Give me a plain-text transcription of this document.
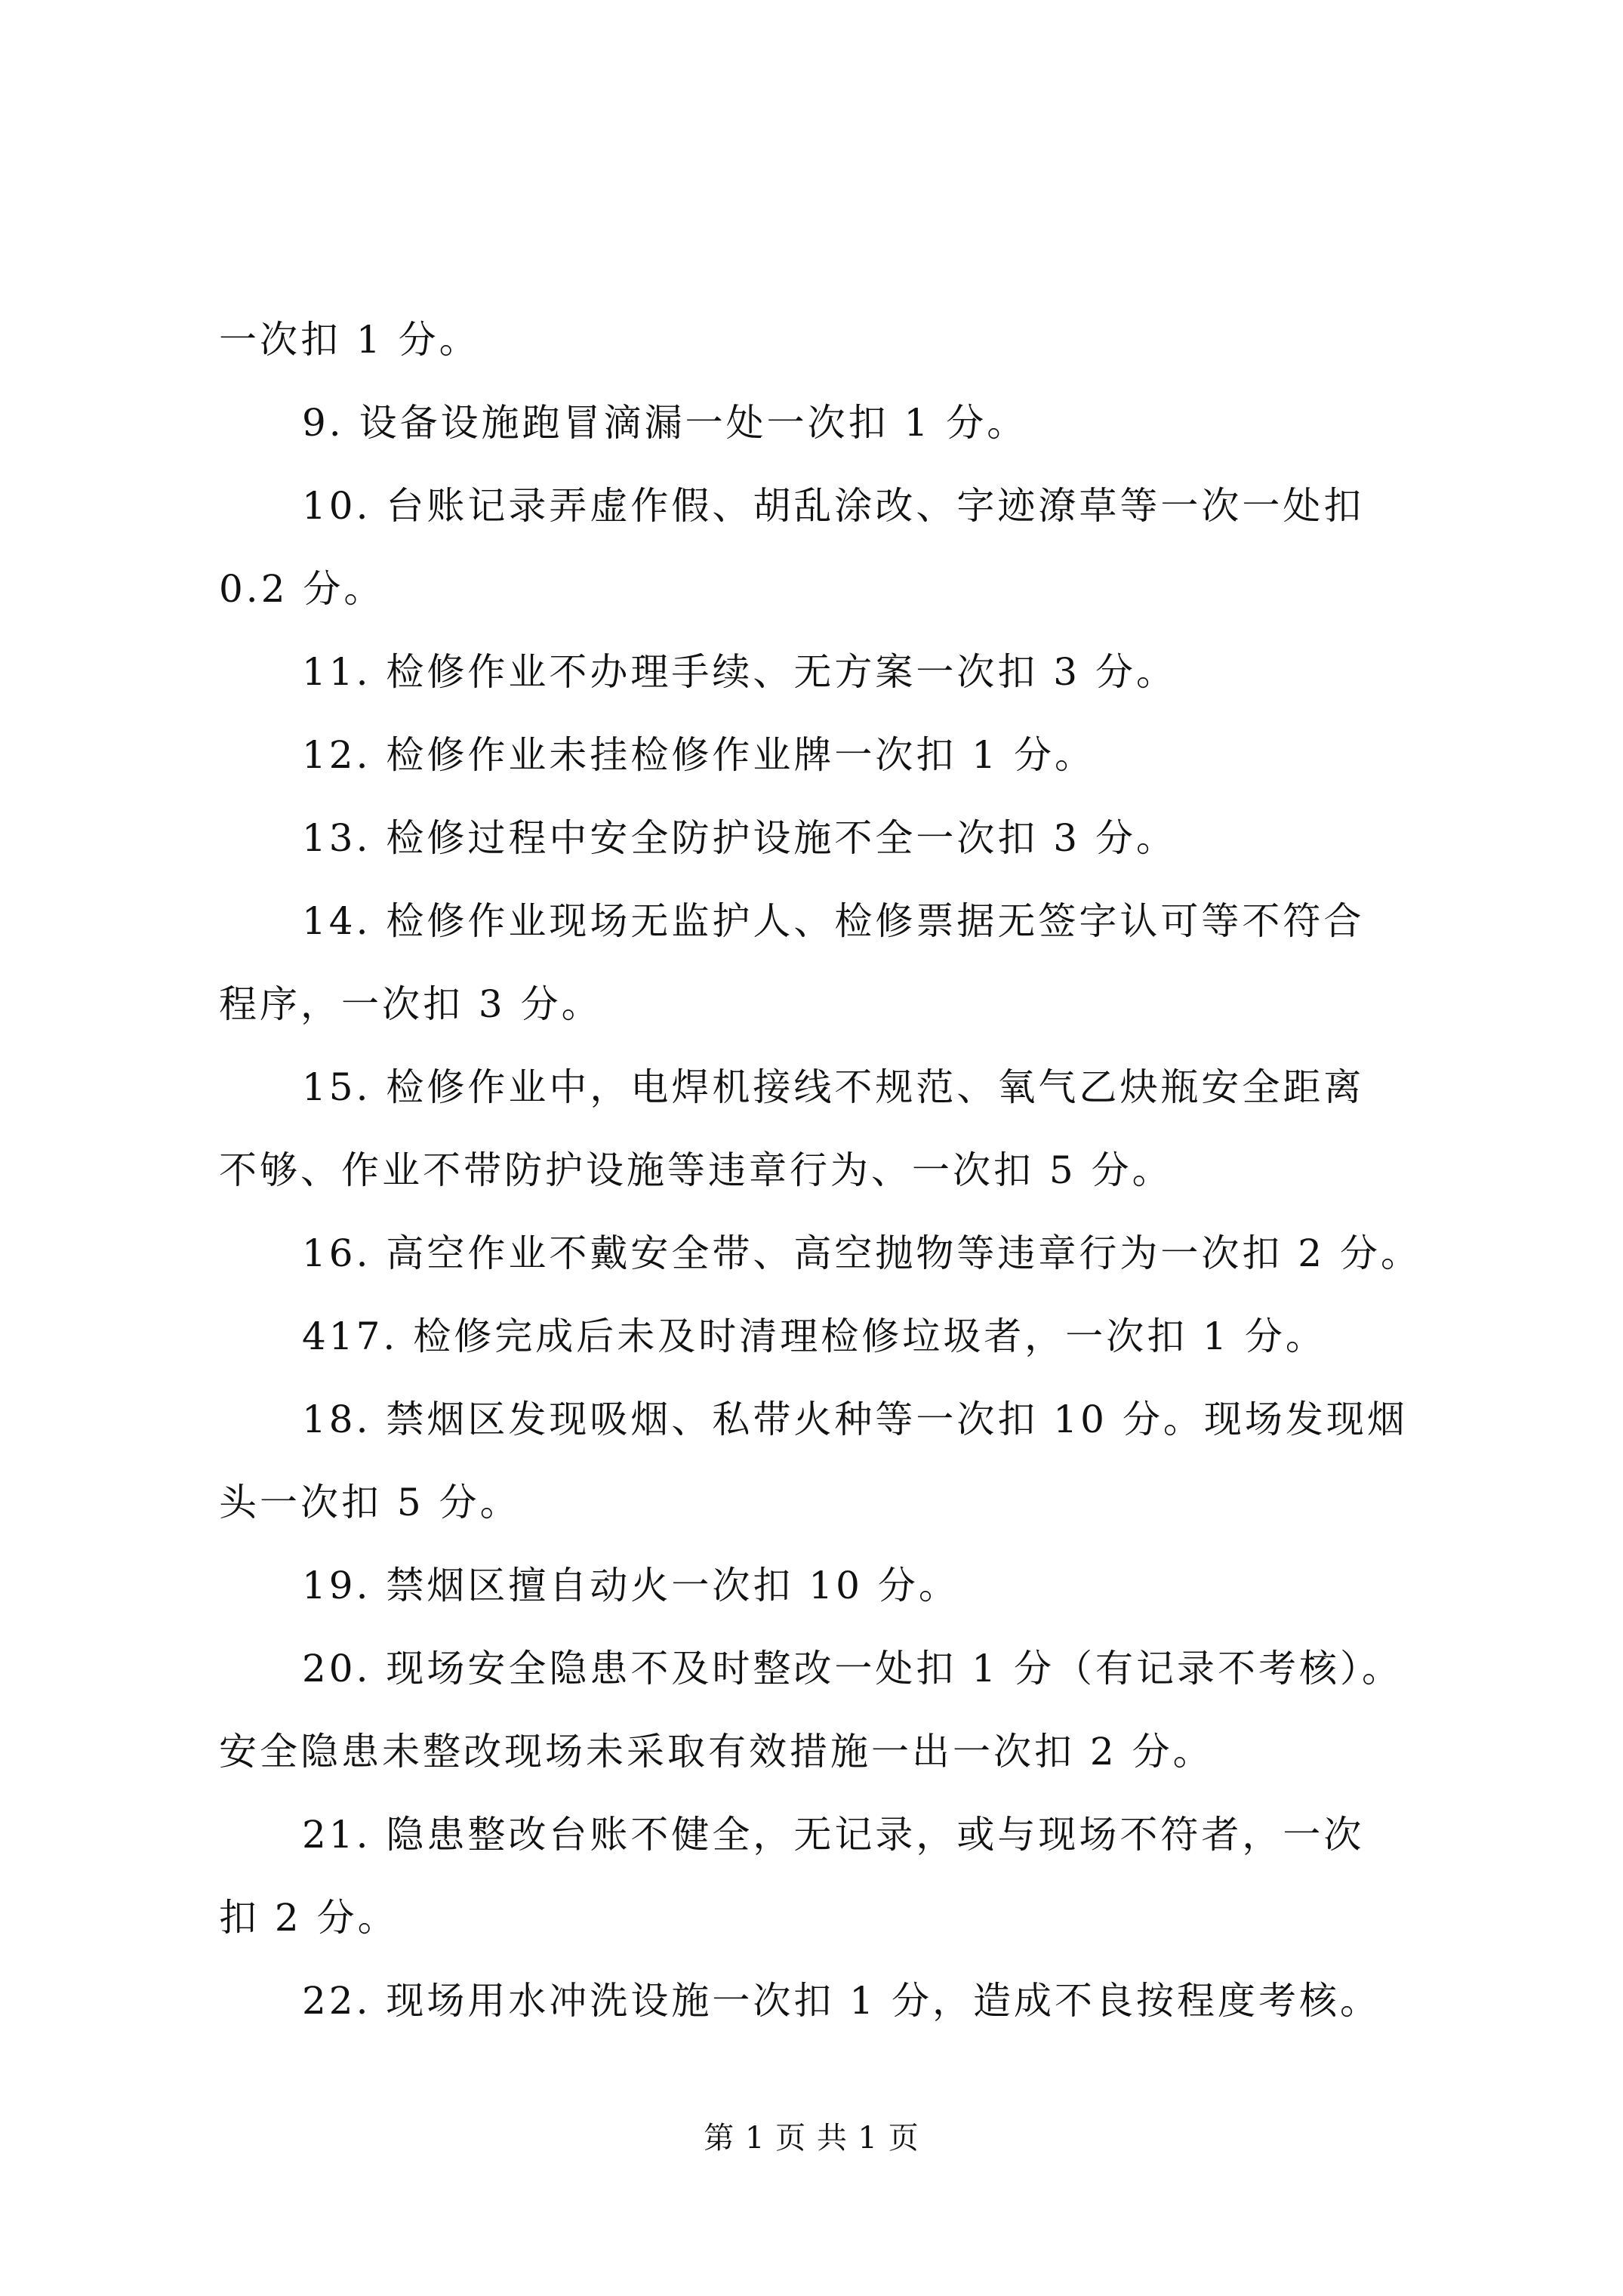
一次扣 1 分。
9. 设备设施跑冒滴漏一处一次扣 1 分。
10. 台账记录弄虚作假、胡乱涂改、字迹潦草等一次一处扣
0.2 分。
11. 检修作业不办理手续、无方案一次扣 3 分。
12. 检修作业未挂检修作业牌一次扣 1 分。
13. 检修过程中安全防护设施不全一次扣 3 分。
14. 检修作业现场无监护人、检修票据无签字认可等不符合
程序，一次扣 3 分。
15. 检修作业中，电焊机接线不规范、氧气乙炔瓶安全距离
不够、作业不带防护设施等违章行为、一次扣 5 分。
16. 高空作业不戴安全带、高空抛物等违章行为一次扣 2 分。
417. 检修完成后未及时清理检修垃圾者，一次扣 1 分。
18. 禁烟区发现吸烟、私带火种等一次扣 10 分。现场发现烟
头一次扣 5 分。
19. 禁烟区擅自动火一次扣 10 分。
20. 现场安全隐患不及时整改一处扣 1 分（有记录不考核）。
安全隐患未整改现场未采取有效措施一出一次扣 2 分。
21. 隐患整改台账不健全，无记录，或与现场不符者，一次
扣 2 分。
22. 现场用水冲洗设施一次扣 1 分，造成不良按程度考核。
第 1 页 共 1 页
